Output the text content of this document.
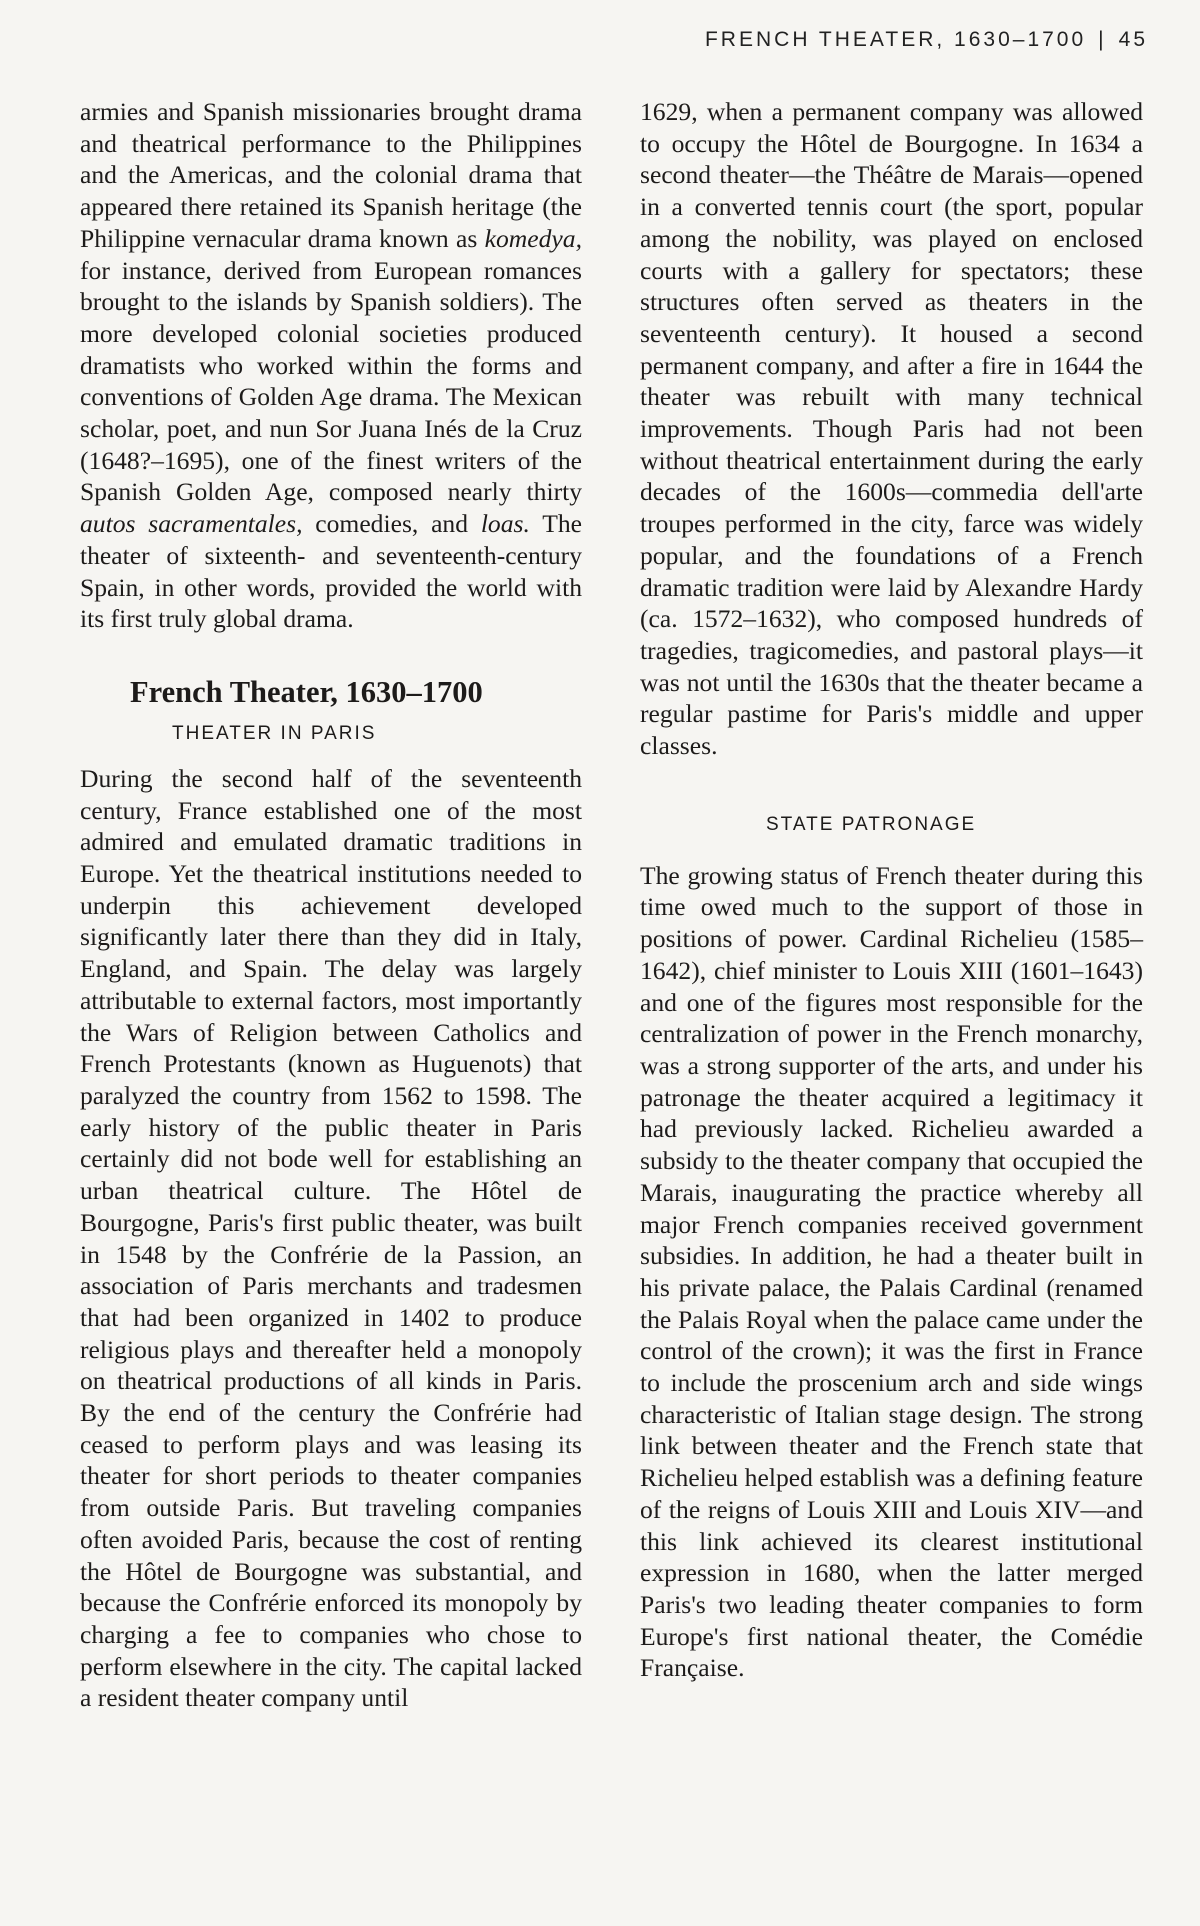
FRENCH THEATER, 1630–1700 | 45

armies and Spanish missionaries brought drama and theatrical performance to the Philippines and the Americas, and the colonial drama that appeared there retained its Spanish heritage (the Philippine vernacular drama known as komedya, for instance, derived from European romances brought to the islands by Spanish soldiers). The more developed colonial societies produced dramatists who worked within the forms and conventions of Golden Age drama. The Mexican scholar, poet, and nun Sor Juana Inés de la Cruz (1648?–1695), one of the finest writers of the Spanish Golden Age, composed nearly thirty autos sacramentales, comedies, and loas. The theater of sixteenth- and seventeenth-century Spain, in other words, provided the world with its first truly global drama.

French Theater, 1630–1700
THEATER IN PARIS

During the second half of the seventeenth century, France established one of the most admired and emulated dramatic traditions in Europe. Yet the theatrical institutions needed to underpin this achievement developed significantly later there than they did in Italy, England, and Spain. The delay was largely attributable to external factors, most importantly the Wars of Religion between Catholics and French Protestants (known as Huguenots) that paralyzed the country from 1562 to 1598. The early history of the public theater in Paris certainly did not bode well for establishing an urban theatrical culture. The Hôtel de Bourgogne, Paris's first public theater, was built in 1548 by the Confrérie de la Passion, an association of Paris merchants and tradesmen that had been organized in 1402 to produce religious plays and thereafter held a monopoly on theatrical productions of all kinds in Paris. By the end of the century the Confrérie had ceased to perform plays and was leasing its theater for short periods to theater companies from outside Paris. But traveling companies often avoided Paris, because the cost of renting the Hôtel de Bourgogne was substantial, and because the Confrérie enforced its monopoly by charging a fee to companies who chose to perform elsewhere in the city. The capital lacked a resident theater company until

1629, when a permanent company was allowed to occupy the Hôtel de Bourgogne. In 1634 a second theater—the Théâtre de Marais—opened in a converted tennis court (the sport, popular among the nobility, was played on enclosed courts with a gallery for spectators; these structures often served as theaters in the seventeenth century). It housed a second permanent company, and after a fire in 1644 the theater was rebuilt with many technical improvements. Though Paris had not been without theatrical entertainment during the early decades of the 1600s—commedia dell'arte troupes performed in the city, farce was widely popular, and the foundations of a French dramatic tradition were laid by Alexandre Hardy (ca. 1572–1632), who composed hundreds of tragedies, tragicomedies, and pastoral plays—it was not until the 1630s that the theater became a regular pastime for Paris's middle and upper classes.

STATE PATRONAGE

The growing status of French theater during this time owed much to the support of those in positions of power. Cardinal Richelieu (1585–1642), chief minister to Louis XIII (1601–1643) and one of the figures most responsible for the centralization of power in the French monarchy, was a strong supporter of the arts, and under his patronage the theater acquired a legitimacy it had previously lacked. Richelieu awarded a subsidy to the theater company that occupied the Marais, inaugurating the practice whereby all major French companies received government subsidies. In addition, he had a theater built in his private palace, the Palais Cardinal (renamed the Palais Royal when the palace came under the control of the crown); it was the first in France to include the proscenium arch and side wings characteristic of Italian stage design. The strong link between theater and the French state that Richelieu helped establish was a defining feature of the reigns of Louis XIII and Louis XIV—and this link achieved its clearest institutional expression in 1680, when the latter merged Paris's two leading theater companies to form Europe's first national theater, the Comédie Française.
